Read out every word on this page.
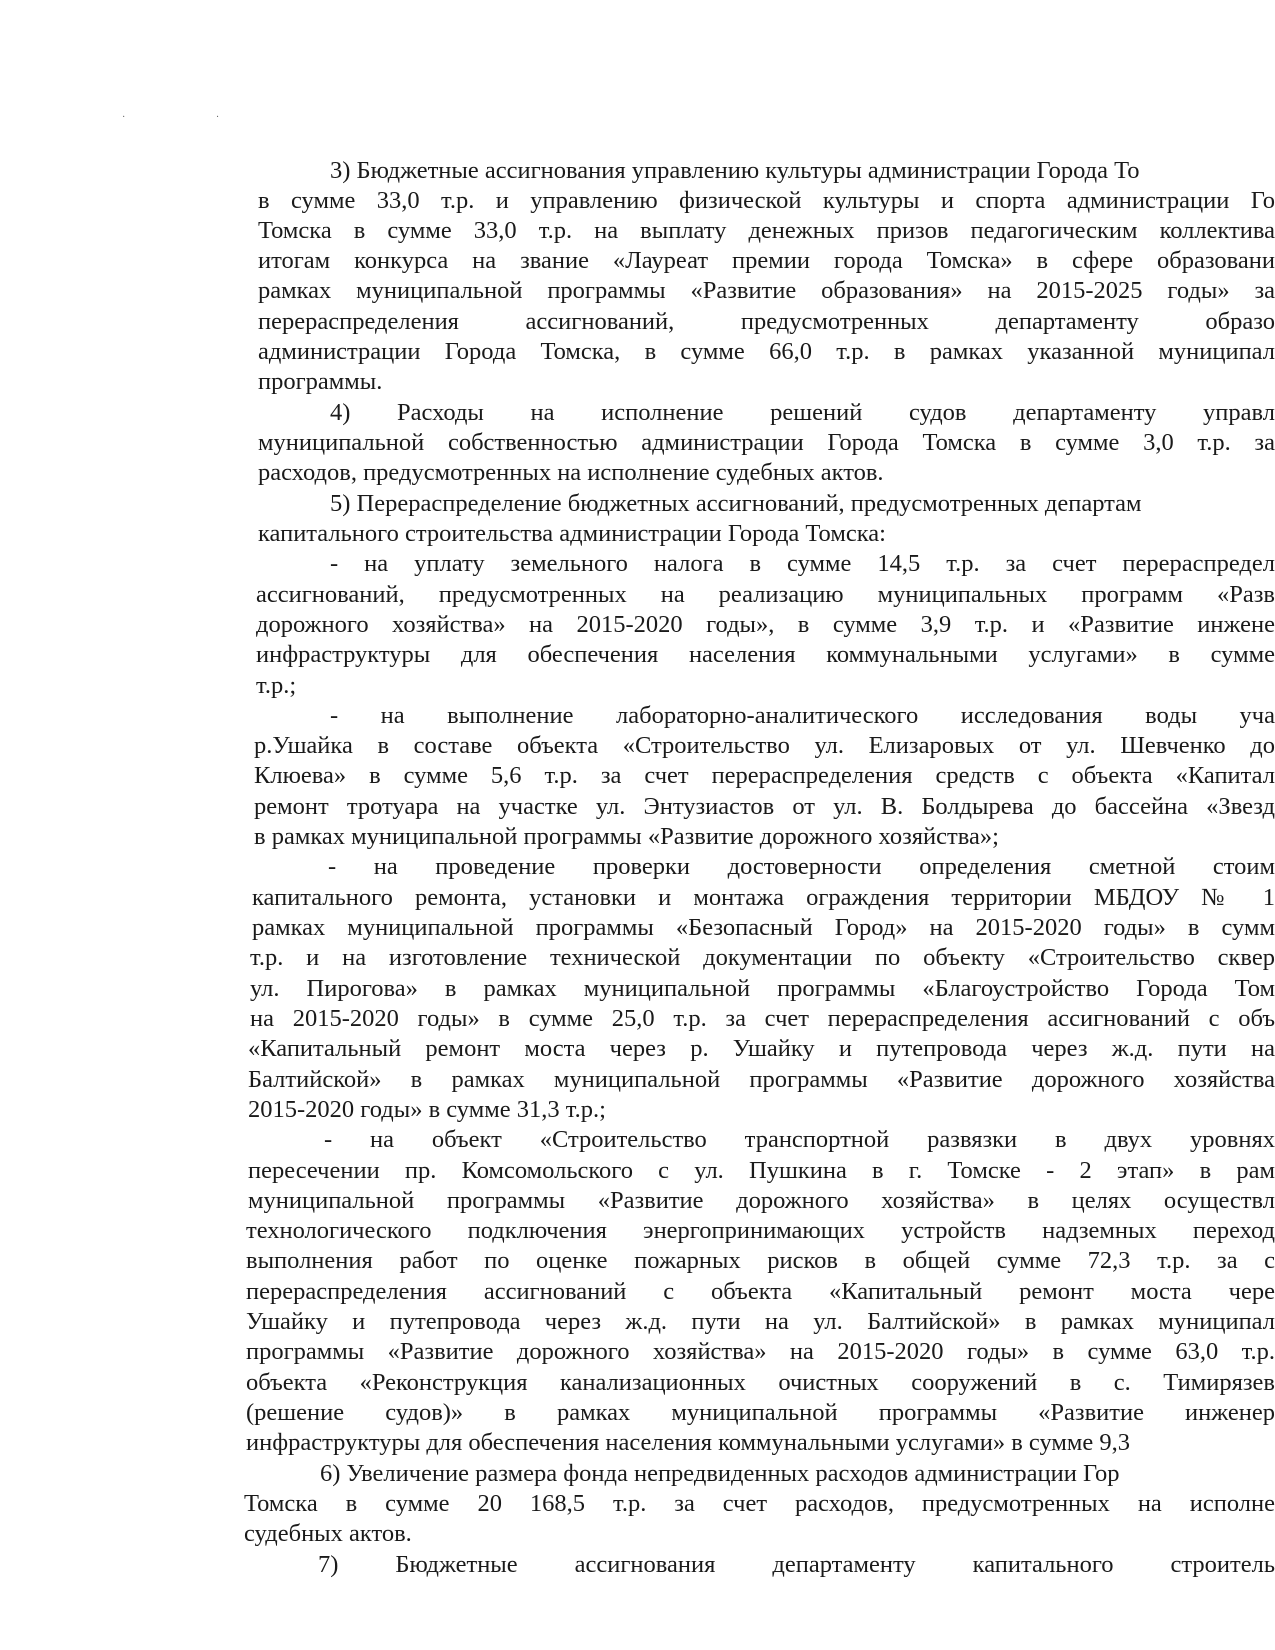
· ·
3) Бюджетные ассигнования управлению культуры администрации Города То
в сумме 33,0 т.р. и управлению физической культуры и спорта администрации Го
Томска в сумме 33,0 т.р. на выплату денежных призов педагогическим коллектива
итогам конкурса на звание «Лауреат премии города Томска» в сфере образовани
рамках муниципальной программы «Развитие образования» на 2015-2025 годы» за
перераспределения ассигнований, предусмотренных департаменту образо
администрации Города Томска, в сумме 66,0 т.р. в рамках указанной муниципал
программы.
4) Расходы на исполнение решений судов департаменту управл
муниципальной собственностью администрации Города Томска в сумме 3,0 т.р. за
расходов, предусмотренных на исполнение судебных актов.
5) Перераспределение бюджетных ассигнований, предусмотренных департам
капитального строительства администрации Города Томска:
- на уплату земельного налога в сумме 14,5 т.р. за счет перераспредел
ассигнований, предусмотренных на реализацию муниципальных программ «Разв
дорожного хозяйства» на 2015-2020 годы», в сумме 3,9 т.р. и «Развитие инжене
инфраструктуры для обеспечения населения коммунальными услугами» в сумме
т.р.;
- на выполнение лабораторно-аналитического исследования воды уча
р.Ушайка в составе объекта «Строительство ул. Елизаровых от ул. Шевченко до
Клюева» в сумме 5,6 т.р. за счет перераспределения средств с объекта «Капитал
ремонт тротуара на участке ул. Энтузиастов от ул. В. Болдырева до бассейна «Звезд
в рамках муниципальной программы «Развитие дорожного хозяйства»;
- на проведение проверки достоверности определения сметной стоим
капитального ремонта, установки и монтажа ограждения территории МБДОУ № 1
рамках муниципальной программы «Безопасный Город» на 2015-2020 годы» в сумм
т.р. и на изготовление технической документации по объекту «Строительство сквер
ул. Пирогова» в рамках муниципальной программы «Благоустройство Города Том
на 2015-2020 годы» в сумме 25,0 т.р. за счет перераспределения ассигнований с объ
«Капитальный ремонт моста через р. Ушайку и путепровода через ж.д. пути на
Балтийской» в рамках муниципальной программы «Развитие дорожного хозяйства
2015-2020 годы» в сумме 31,3 т.р.;
- на объект «Строительство транспортной развязки в двух уровнях
пересечении пр. Комсомольского с ул. Пушкина в г. Томске - 2 этап» в рам
муниципальной программы «Развитие дорожного хозяйства» в целях осуществл
технологического подключения энергопринимающих устройств надземных переход
выполнения работ по оценке пожарных рисков в общей сумме 72,3 т.р. за с
перераспределения ассигнований с объекта «Капитальный ремонт моста чере
Ушайку и путепровода через ж.д. пути на ул. Балтийской» в рамках муниципал
программы «Развитие дорожного хозяйства» на 2015-2020 годы» в сумме 63,0 т.р.
объекта «Реконструкция канализационных очистных сооружений в с. Тимирязев
(решение судов)» в рамках муниципальной программы «Развитие инженер
инфраструктуры для обеспечения населения коммунальными услугами» в сумме 9,3
6) Увеличение размера фонда непредвиденных расходов администрации Гор
Томска в сумме 20 168,5 т.р. за счет расходов, предусмотренных на исполне
судебных актов.
7) Бюджетные ассигнования департаменту капитального строитель
